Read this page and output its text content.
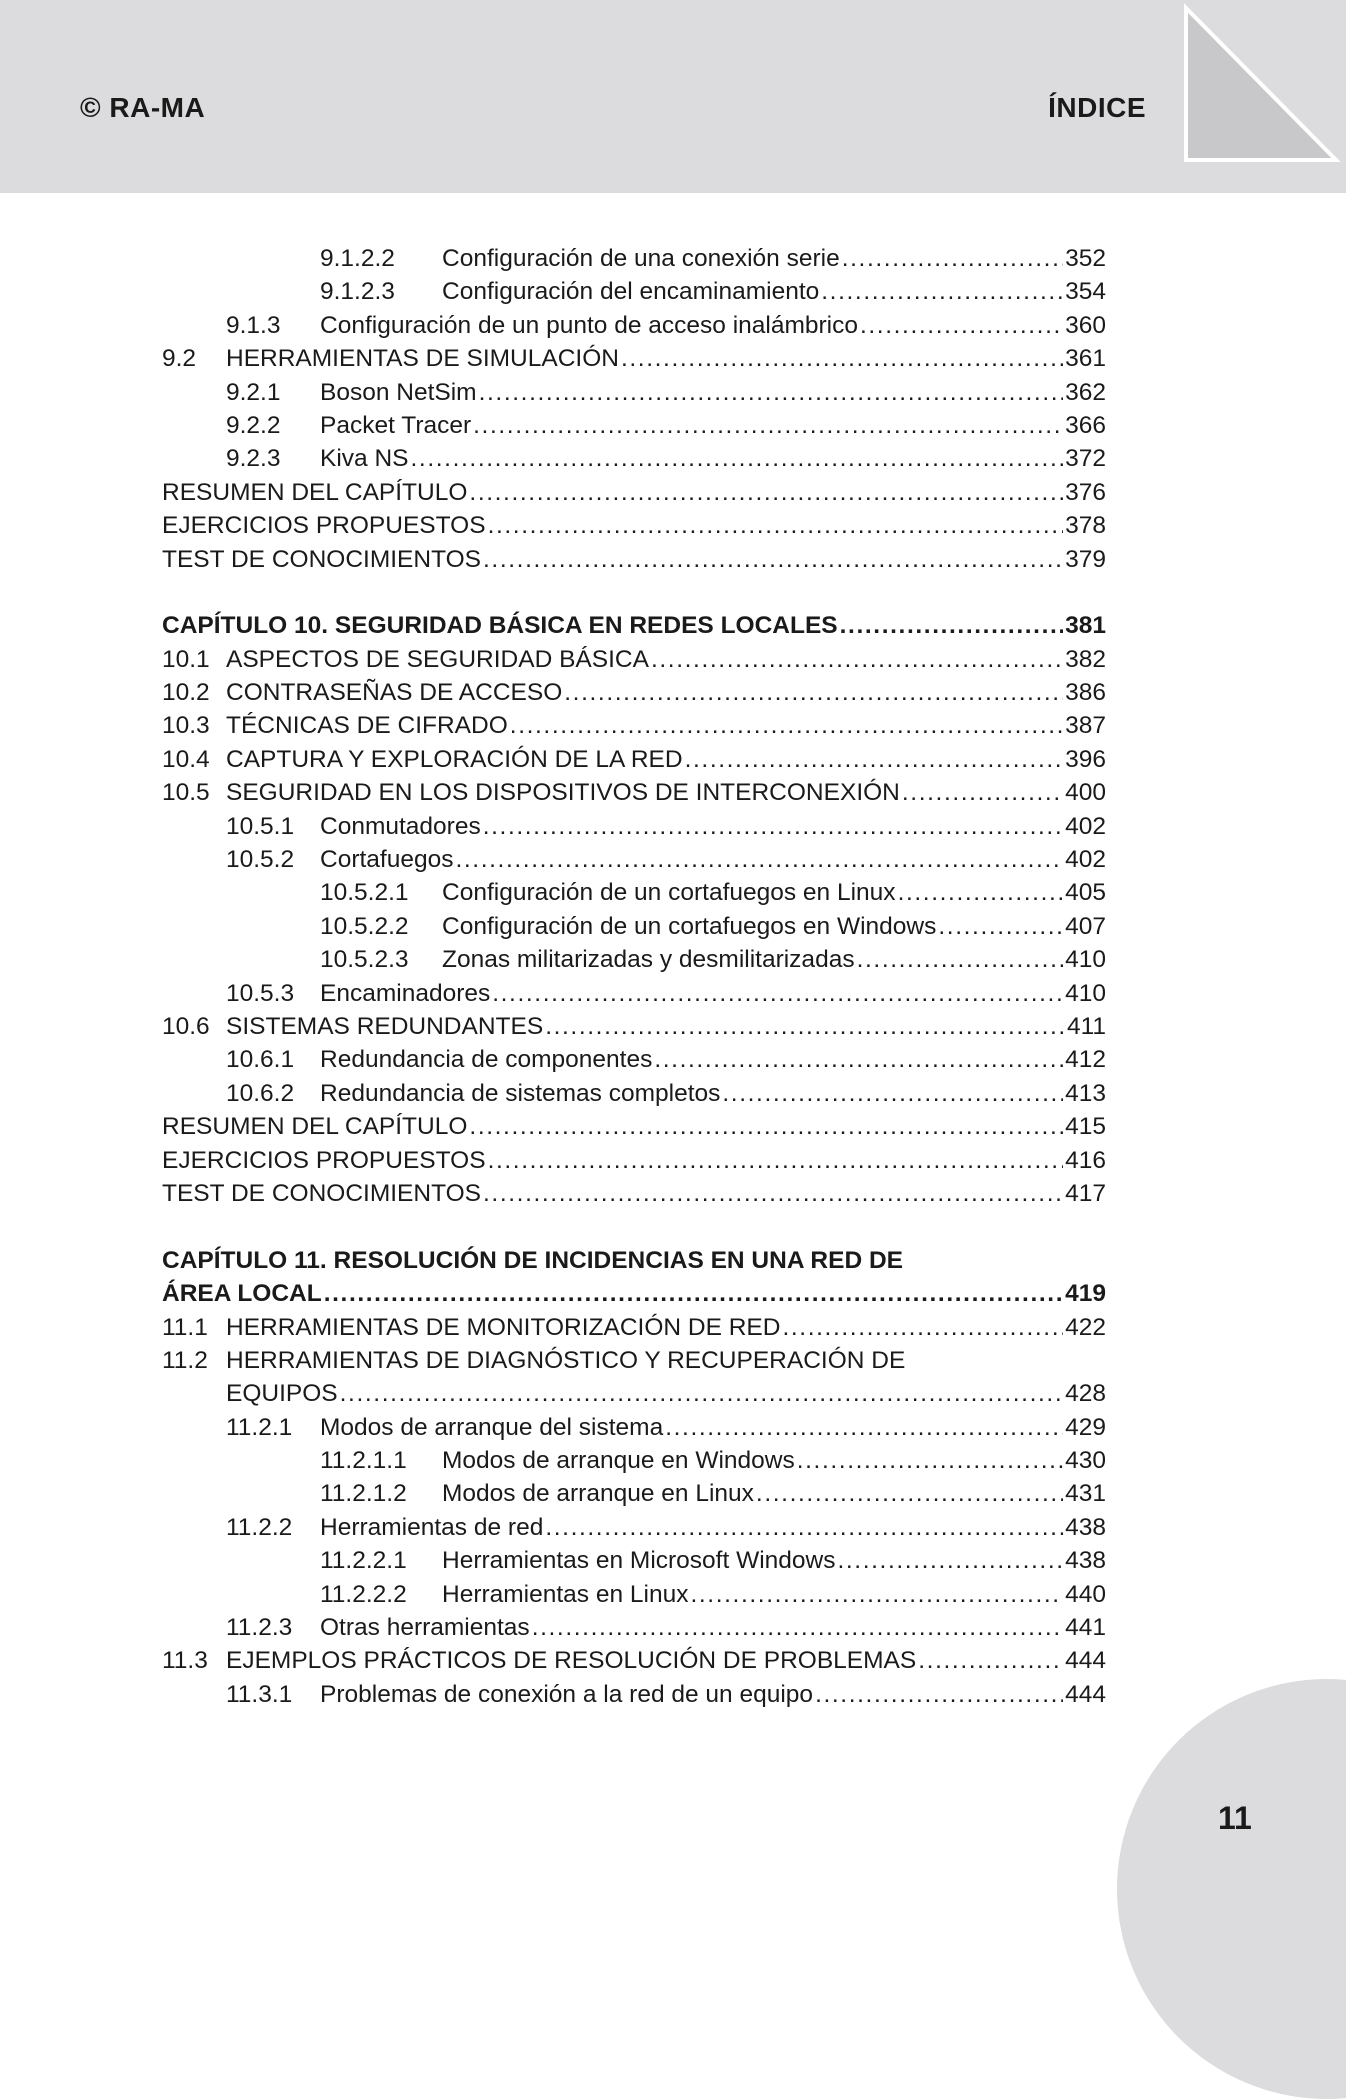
© RA-MA	ÍNDICE
9.1.2.2	Configuración de una conexión serie . . .	352
9.1.2.3	Configuración del encaminamiento . . .	354
9.1.3	Configuración de un punto de acceso inalámbrico . . .	360
9.2	HERRAMIENTAS DE SIMULACIÓN . . .	361
9.2.1	Boson NetSim . . .	362
9.2.2	Packet Tracer . . .	366
9.2.3	Kiva NS . . .	372
RESUMEN DEL CAPÍTULO . . .	376
EJERCICIOS PROPUESTOS . . .	378
TEST DE CONOCIMIENTOS . . .	379
CAPÍTULO 10. SEGURIDAD BÁSICA EN REDES LOCALES . . .	381
10.1 ASPECTOS DE SEGURIDAD BÁSICA . . .	382
10.2 CONTRASEÑAS DE ACCESO . . .	386
10.3 TÉCNICAS DE CIFRADO . . .	387
10.4 CAPTURA Y EXPLORACIÓN DE LA RED . . .	396
10.5 SEGURIDAD EN LOS DISPOSITIVOS DE INTERCONEXIÓN . . .	400
10.5.1	Conmutadores . . .	402
10.5.2	Cortafuegos . . .	402
10.5.2.1	Configuración de un cortafuegos en Linux . . .	405
10.5.2.2	Configuración de un cortafuegos en Windows . . .	407
10.5.2.3	Zonas militarizadas y desmilitarizadas . . .	410
10.5.3	Encaminadores . . .	410
10.6 SISTEMAS REDUNDANTES . . .	411
10.6.1	Redundancia de componentes . . .	412
10.6.2	Redundancia de sistemas completos . . .	413
RESUMEN DEL CAPÍTULO . . .	415
EJERCICIOS PROPUESTOS . . .	416
TEST DE CONOCIMIENTOS . . .	417
CAPÍTULO 11. RESOLUCIÓN DE INCIDENCIAS EN UNA RED DE
ÁREA LOCAL . . .	419
11.1 HERRAMIENTAS DE MONITORIZACIÓN DE RED . . .	422
11.2 HERRAMIENTAS DE DIAGNÓSTICO Y RECUPERACIÓN DE
EQUIPOS . . .	428
11.2.1	Modos de arranque del sistema . . .	429
11.2.1.1	Modos de arranque en Windows . . .	430
11.2.1.2	Modos de arranque en Linux . . .	431
11.2.2	Herramientas de red . . .	438
11.2.2.1	Herramientas en Microsoft Windows . . .	438
11.2.2.2	Herramientas en Linux . . .	440
11.2.3	Otras herramientas . . .	441
11.3 EJEMPLOS PRÁCTICOS DE RESOLUCIÓN DE PROBLEMAS . . .	444
11.3.1	Problemas de conexión a la red de un equipo . . .	444
11
